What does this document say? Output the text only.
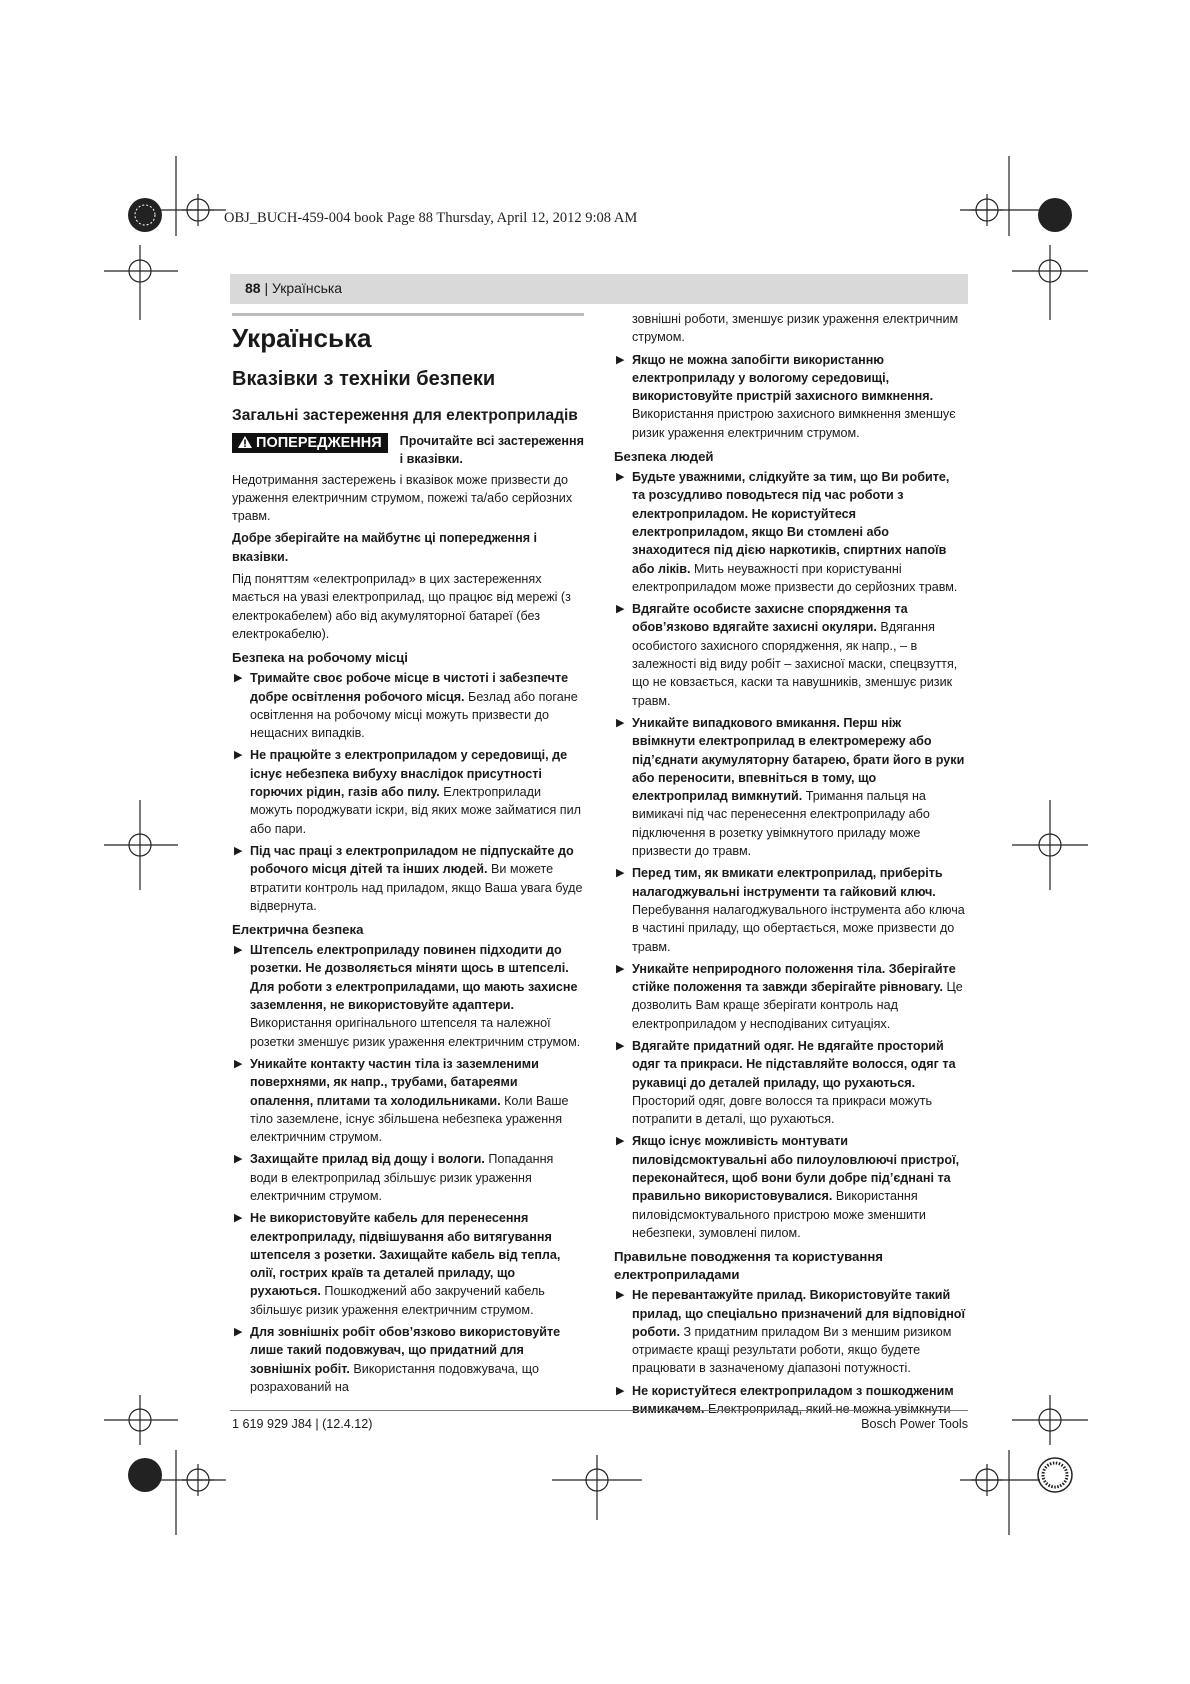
OBJ_BUCH-459-004 book Page 88 Thursday, April 12, 2012 9:08 AM
88 | Українська
Українська
Вказівки з техніки безпеки
Загальні застереження для електроприладів
ПОПЕРЕДЖЕННЯ	Прочитайте всі застереження і вказівки.

Недотримання застережень і вказівок може призвести до ураження електричним струмом, пожежі та/або серйозних травм.

Добре зберігайте на майбутнє ці попередження і вказівки.

Під поняттям «електроприлад» в цих застереженнях мається на увазі електроприлад, що працює від мережі (з електрокабелем) або від акумуляторної батареї (без електрокабелю).

Безпека на робочому місці
▶ Тримайте своє робоче місце в чистоті і забезпечте добре освітлення робочого місця. Безлад або погане освітлення на робочому місці можуть призвести до нещасних випадків.
▶ Не працюйте з електроприладом у середовищі, де існує небезпека вибуху внаслідок присутності горючих рідин, газів або пилу. Електроприлади можуть породжувати іскри, від яких може займатися пил або пари.
▶ Під час праці з електроприладом не підпускайте до робочого місця дітей та інших людей. Ви можете втратити контроль над приладом, якщо Ваша увага буде відвернута.
Електрична безпека
▶ Штепсель електроприладу повинен підходити до розетки. Не дозволяється міняти щось в штепселі. Для роботи з електроприладами, що мають захисне заземлення, не використовуйте адаптери. Використання оригінального штепселя та належної розетки зменшує ризик ураження електричним струмом.
▶ Уникайте контакту частин тіла із заземленими поверхнями, як напр., трубами, батареями опалення, плитами та холодильниками. Коли Ваше тіло заземлене, існує збільшена небезпека ураження електричним струмом.
▶ Захищайте прилад від дощу і вологи. Попадання води в електроприлад збільшує ризик ураження електричним струмом.
▶ Не використовуйте кабель для перенесення електроприладу, підвішування або витягування штепселя з розетки. Захищайте кабель від тепла, олії, гострих країв та деталей приладу, що рухаються. Пошкоджений або закручений кабель збільшує ризик ураження електричним струмом.
▶ Для зовнішніх робіт обов’язково використовуйте лише такий подовжувач, що придатний для зовнішніх робіт. Використання подовжувача, що розрахований на

зовнішні роботи, зменшує ризик ураження електричним струмом.

▶ Якщо не можна запобігти використанню електроприладу у вологому середовищі, використовуйте пристрій захисного вимкнення. Використання пристрою захисного вимкнення зменшує ризик ураження електричним струмом.
Безпека людей
▶ Будьте уважними, слідкуйте за тим, що Ви робите, та розсудливо поводьтеся під час роботи з електроприладом. Не користуйтеся електроприладом, якщо Ви стомлені або знаходитеся під дією наркотиків, спиртних напоїв або ліків. Мить неуважності при користуванні електроприладом може призвести до серйозних травм.
▶ Вдягайте особисте захисне спорядження та обов’язково вдягайте захисні окуляри. Вдягання особистого захисного спорядження, як напр., – в залежності від виду робіт – захисної маски, спецвзуття, що не ковзається, каски та навушників, зменшує ризик травм.
▶ Уникайте випадкового вмикання. Перш ніж ввімкнути електроприлад в електромережу або під’єднати акумуляторну батарею, брати його в руки або переносити, впевніться в тому, що електроприлад вимкнутий. Тримання пальця на вимикачі під час перенесення електроприладу або підключення в розетку увімкнутого приладу може призвести до травм.
▶ Перед тим, як вмикати електроприлад, приберіть налагоджувальні інструменти та гайковий ключ. Перебування налагоджувального інструмента або ключа в частині приладу, що обертається, може призвести до травм.
▶ Уникайте неприродного положення тіла. Зберігайте стійке положення та завжди зберігайте рівновагу. Це дозволить Вам краще зберігати контроль над електроприладом у несподіваних ситуаціях.
▶ Вдягайте придатний одяг. Не вдягайте просторий одяг та прикраси. Не підставляйте волосся, одяг та рукавиці до деталей приладу, що рухаються. Просторий одяг, довге волосся та прикраси можуть потрапити в деталі, що рухаються.
▶ Якщо існує можливість монтувати пиловідсмоктувальні або пилоуловлюючі пристрої, переконайтеся, щоб вони були добре під’єднані та правильно використовувалися. Використання пиловідсмоктувального пристрою може зменшити небезпеки, зумовлені пилом.
Правильне поводження та користування електроприладами
▶ Не перевантажуйте прилад. Використовуйте такий прилад, що спеціально призначений для відповідної роботи. З придатним приладом Ви з меншим ризиком отримаєте кращі результати роботи, якщо будете працювати в зазначеному діапазоні потужності.
▶ Не користуйтеся електроприладом з пошкодженим
1 619 929 J84 | (12.4.12)	Bosch Power Tools
